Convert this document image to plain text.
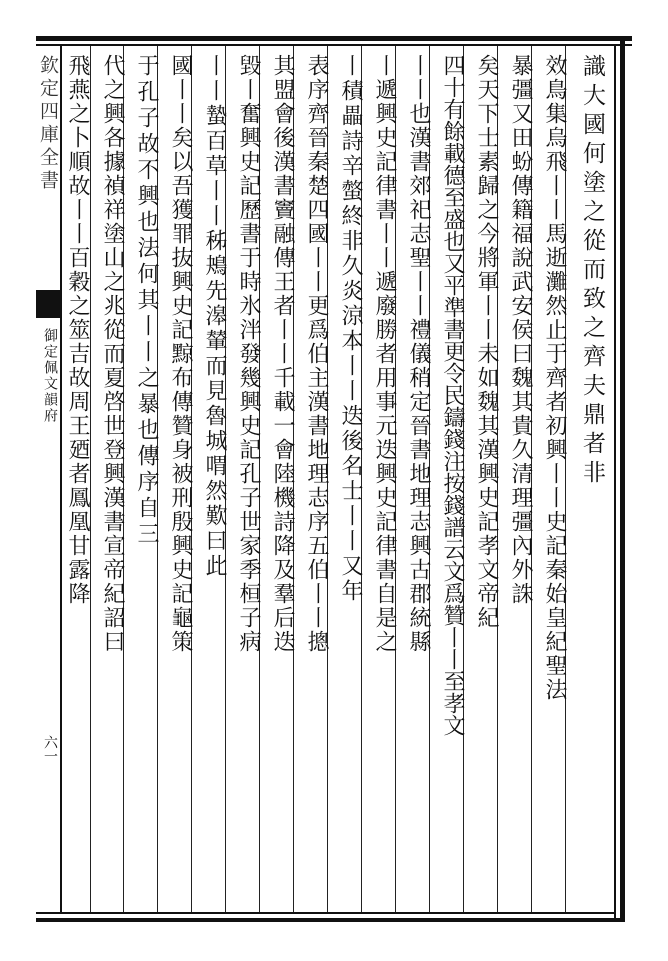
欽定四庫全書
御定佩文韻府
六一
識大國何塗之從而致之齊夫鼎者非
效鳥集烏飛丨丨馬逝灘然止于齊者初興丨丨史記秦始皇紀聖法
暴彊又田蚡傳籍福說武安侯曰魏其貴久清理彊內外誅
矣天下士素歸之今將軍丨丨未如魏其漢興史記孝文帝紀
四十有餘載德至盛也又平準書更令民鑄錢注按錢譜云文爲贊丨丨至孝文
丨丨也漢書郊祀志聖丨丨禮儀稍定晉書地理志興古郡統縣
丨遞興史記律書丨丨遞廢勝者用事元迭興史記律書自是之
丨積畾詩辛螫終非久炎涼本丨丨迭後名士丨丨又年
表序齊晉秦楚四國丨丨更爲伯主漢書地理志序五伯丨丨摠
其盟會後漢書竇融傳王者丨丨千載一會陸機詩降及羣后迭
毀丨奮興史記歷書于時氷泮發幾興史記孔子世家季桓子病
丨丨蟄百草丨丨秭鴂先滜輦而見魯城喟然歎曰此
國丨丨矣以吾獲罪抜興史記黥布傳贊身被刑殷興史記龜策
于孔子故不興也法何其丨丨之暴也傳序自三
代之興各據禎祥塗山之兆從而夏啓世登興漢書宣帝紀詔曰
飛燕之卜順故丨丨百穀之筮吉故周王廼者鳳凰甘露降
